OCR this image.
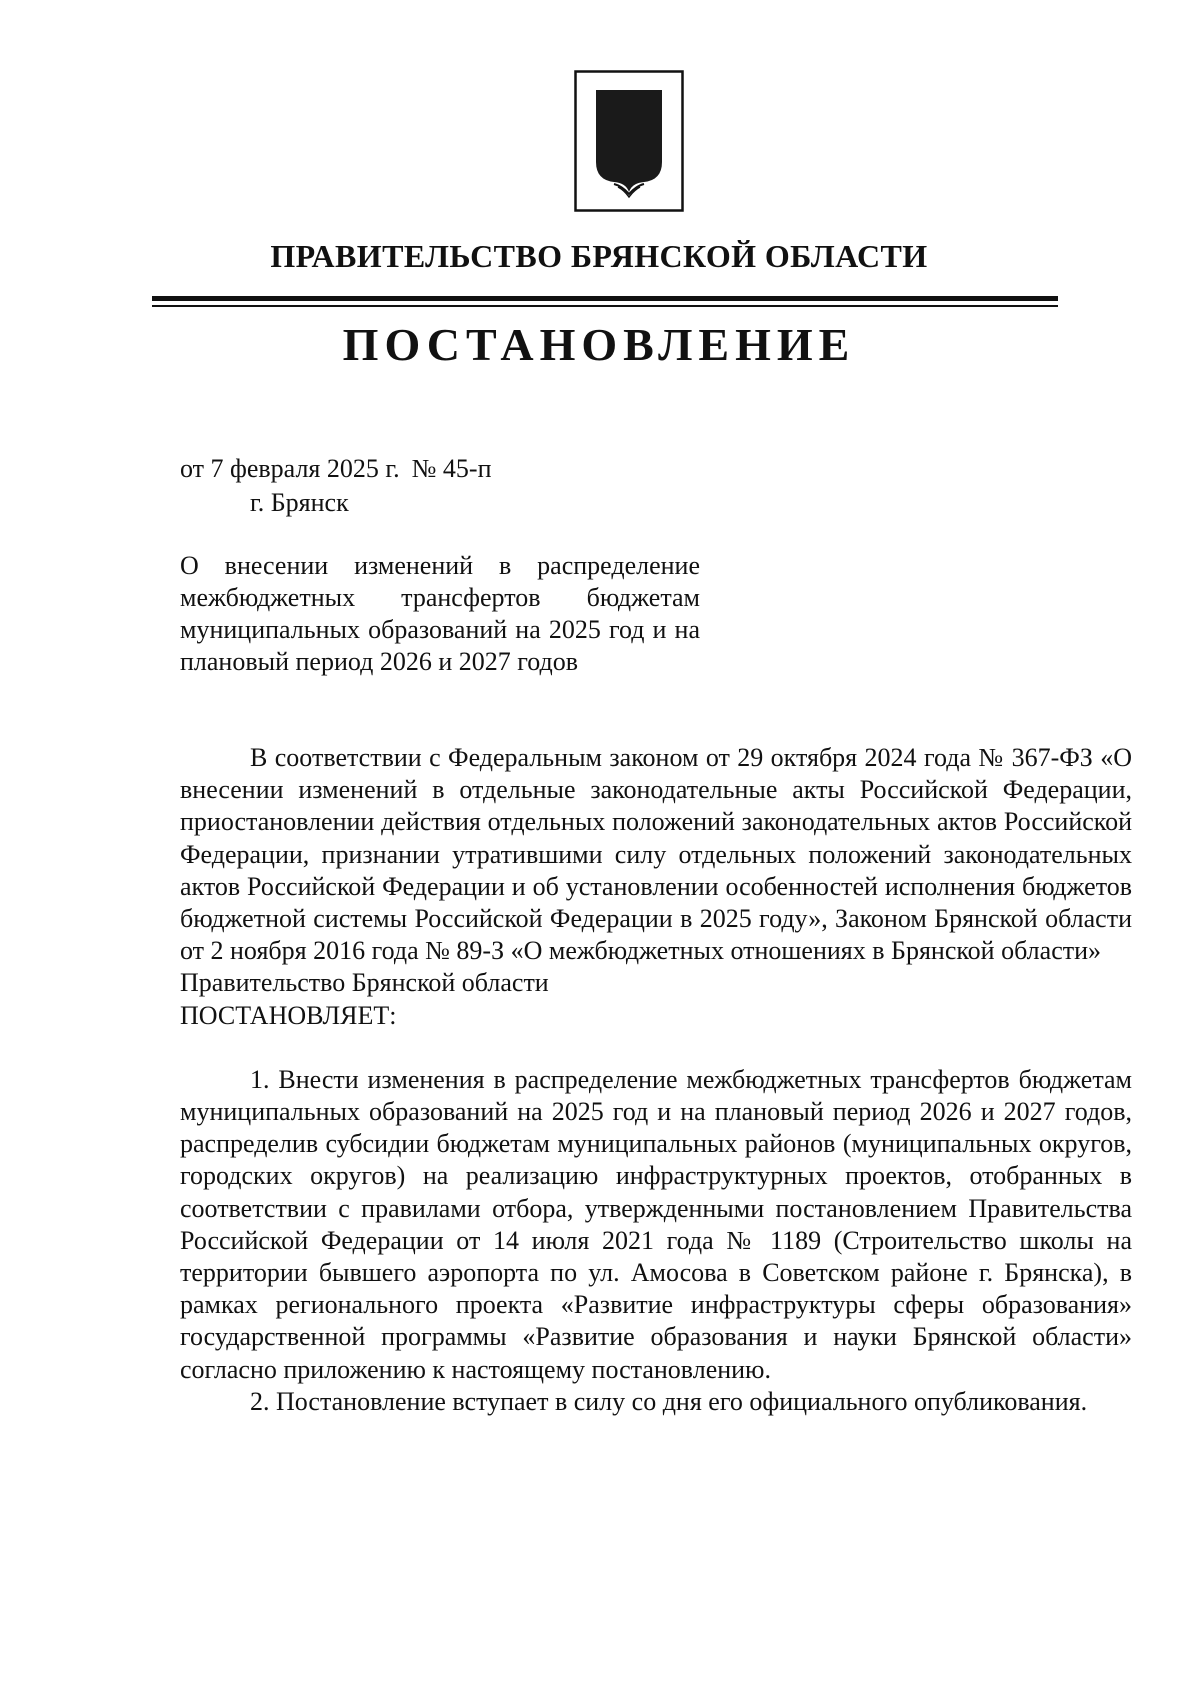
ПРАВИТЕЛЬСТВО БРЯНСКОЙ ОБЛАСТИ
ПОСТАНОВЛЕНИЕ
от 7 февраля 2025 г. № 45-п
г. Брянск
О внесении изменений в распределение межбюджетных трансфертов бюджетам муниципальных образований на 2025 год и на плановый период 2026 и 2027 годов

В соответствии с Федеральным законом от 29 октября 2024 года № 367-ФЗ «О внесении изменений в отдельные законодательные акты Российской Федерации, приостановлении действия отдельных положений законодательных актов Российской Федерации, признании утратившими силу отдельных положений законодательных актов Российской Федерации и об установлении особенностей исполнения бюджетов бюджетной системы Российской Федерации в 2025 году», Законом Брянской области от 2 ноября 2016 года № 89-З «О межбюджетных отношениях в Брянской области»

Правительство Брянской области

ПОСТАНОВЛЯЕТ:

1. Внести изменения в распределение межбюджетных трансфертов бюджетам муниципальных образований на 2025 год и на плановый период 2026 и 2027 годов, распределив субсидии бюджетам муниципальных районов (муниципальных округов, городских округов) на реализацию инфраструктурных проектов, отобранных в соответствии с правилами отбора, утвержденными постановлением Правительства Российской Федерации от 14 июля 2021 года № 1189 (Строительство школы на территории бывшего аэропорта по ул. Амосова в Советском районе г. Брянска), в рамках регионального проекта «Развитие инфраструктуры сферы образования» государственной программы «Развитие образования и науки Брянской области» согласно приложению к настоящему постановлению.

2. Постановление вступает в силу со дня его официального опубликования.
